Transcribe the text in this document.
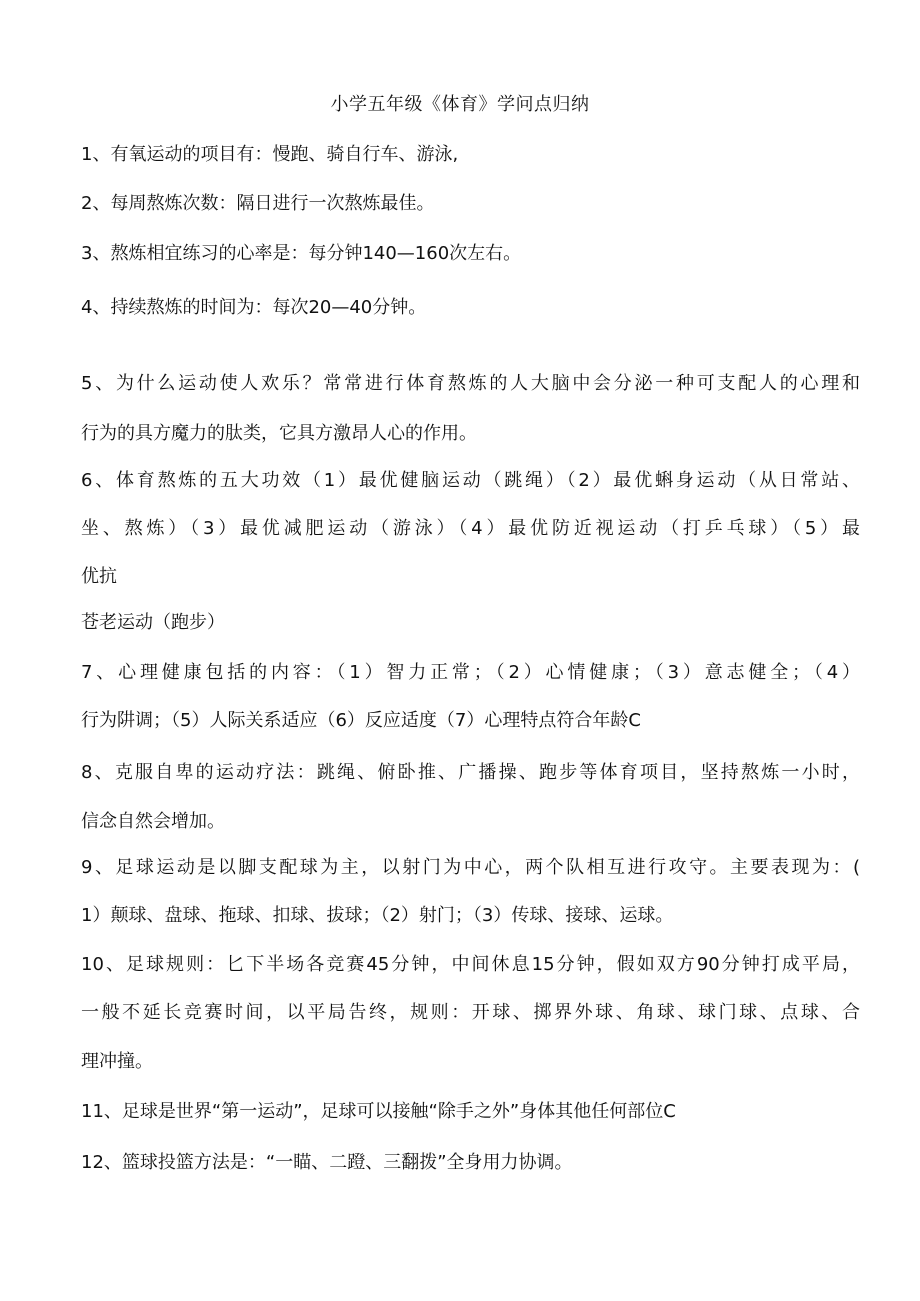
小学五年级《体育》学问点归纳
1、有氧运动的项目有：慢跑、骑自行车、游泳,
2、每周熬炼次数：隔日进行一次熬炼最佳。
3、熬炼相宜练习的心率是：每分钟140—160次左右。
4、持续熬炼的时间为：每次20—40分钟。
5、为什么运动使人欢乐？常常进行体育熬炼的人大脑中会分泌一种可支配人的心理和
行为的具方魔力的肽类，它具方激昂人心的作用。
6、体育熬炼的五大功效（1）最优健脑运动（跳绳）（2）最优蝌身运动（从日常站、
坐、熬炼）（3）最优减肥运动（游泳）（4）最优防近视运动（打乒乓球）（5）最
优抗
苍老运动（跑步）
7、心理健康包括的内容：（1）智力正常；（2）心情健康；（3）意志健全；（4）
行为阱调；（5）人际关系适应（6）反应适度（7）心理特点符合年龄C
8、克服自卑的运动疗法：跳绳、俯卧推、广播操、跑步等体育项目，坚持熬炼一小时，
信念自然会增加。
9、足球运动是以脚支配球为主，以射门为中心，两个队相互进行攻守。主要表现为：(
1）颠球、盘球、拖球、扣球、拔球；（2）射门；（3）传球、接球、运球。
10、足球规则：匕下半场各竞赛45分钟，中间休息15分钟，假如双方90分钟打成平局，
一般不延长竞赛时间，以平局告终，规则：开球、掷界外球、角球、球门球、点球、合
理冲撞。
11、足球是世界“第一运动”，足球可以接触“除手之外”身体其他任何部位C
12、篮球投篮方法是：“一瞄、二蹬、三翻拨”全身用力协调。
